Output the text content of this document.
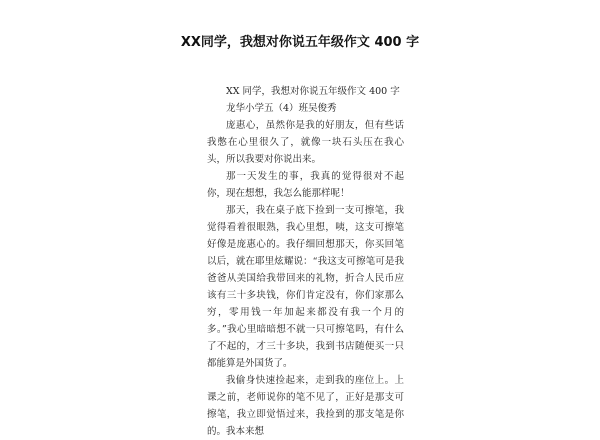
XX同学，我想对你说五年级作文 400 字

XX 同学，我想对你说五年级作文 400 字

龙华小学五（4）班吴俊秀

庞惠心，虽然你是我的好朋友，但有些话我憋在心里很久了，就像一块石头压在我心头，所以我要对你说出来。

那一天发生的事，我真的觉得很对不起你，现在想想，我怎么能那样呢！

那天，我在桌子底下捡到一支可擦笔，我觉得看着很眼熟，我心里想，咦，这支可擦笔好像是庞惠心的。我仔细回想那天，你买回笔以后，就在耶里炫耀说：“我这支可擦笔可是我爸爸从美国给我带回来的礼物，折合人民币应该有三十多块钱，你们肯定没有，你们家那么穷，零用钱一年加起来都没有我一个月的多。”我心里暗暗想不就一只可擦笔吗，有什么了不起的，才三十多块，我到书店随便买一只都能算是外国货了。

我偷身快速捡起来，走到我的座位上。上课之前，老师说你的笔不见了，正好是那支可擦笔，我立即觉悟过来，我捡到的那支笔是你的。我本来想
